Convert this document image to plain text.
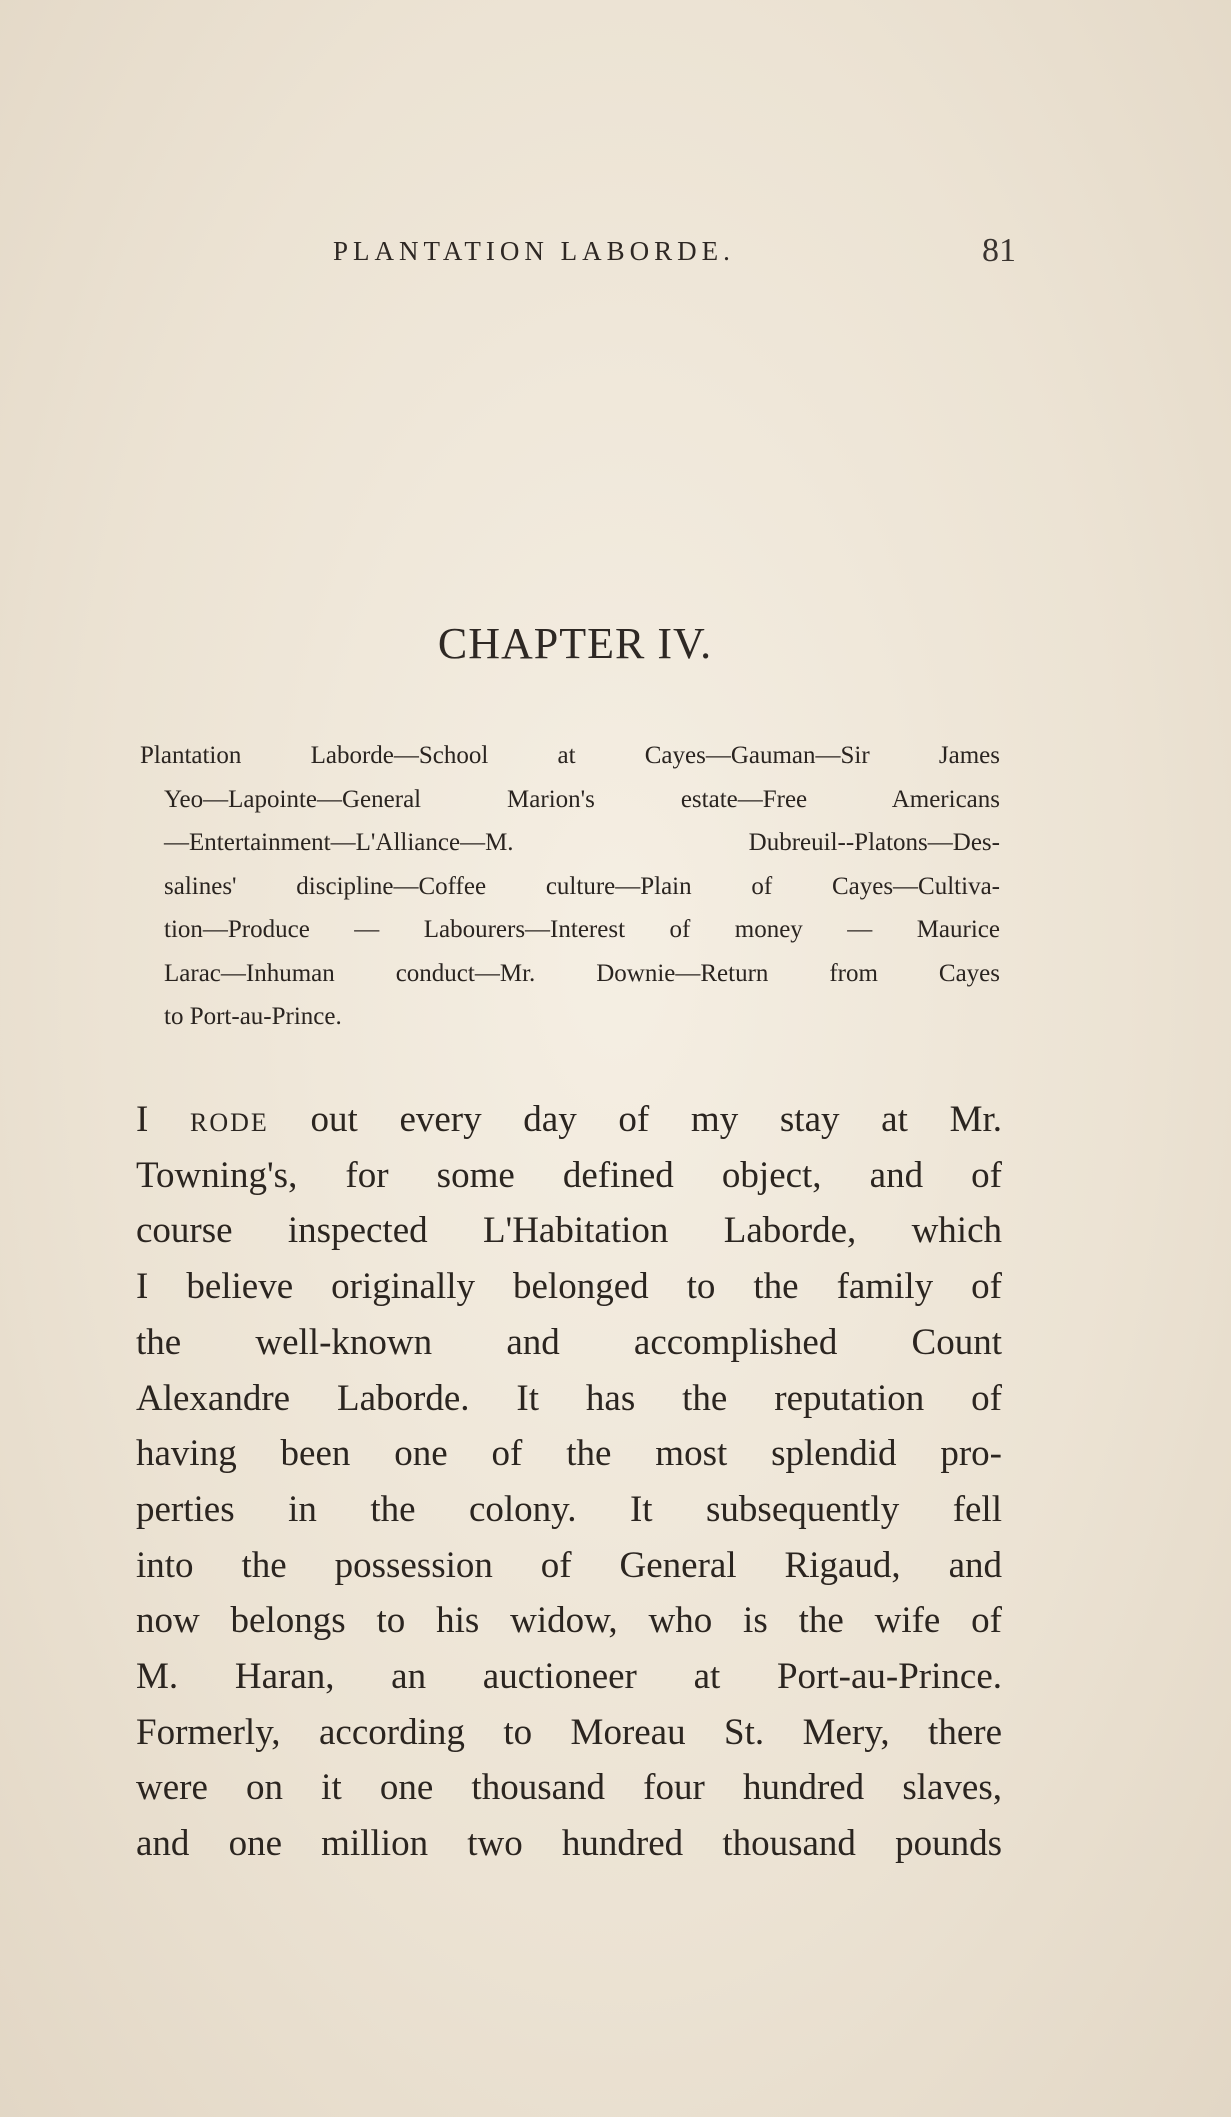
PLANTATION LABORDE.	81
CHAPTER IV.
Plantation Laborde—School at Cayes—Gauman—Sir James
Yeo—Lapointe—General Marion's estate—Free Americans
—Entertainment—L'Alliance—M. Dubreuil--Platons—Des-
salines' discipline—Coffee culture—Plain of Cayes—Cultiva-
tion—Produce — Labourers—Interest of money — Maurice
Larac—Inhuman conduct—Mr. Downie—Return from Cayes
to Port-au-Prince.
I rode out every day of my stay at Mr.
Towning's, for some defined object, and of
course inspected L'Habitation Laborde, which
I believe originally belonged to the family of
the well-known and accomplished Count
Alexandre Laborde. It has the reputation of
having been one of the most splendid pro-
perties in the colony. It subsequently fell
into the possession of General Rigaud, and
now belongs to his widow, who is the wife of
M. Haran, an auctioneer at Port-au-Prince.
Formerly, according to Moreau St. Mery, there
were on it one thousand four hundred slaves,
and one million two hundred thousand pounds
